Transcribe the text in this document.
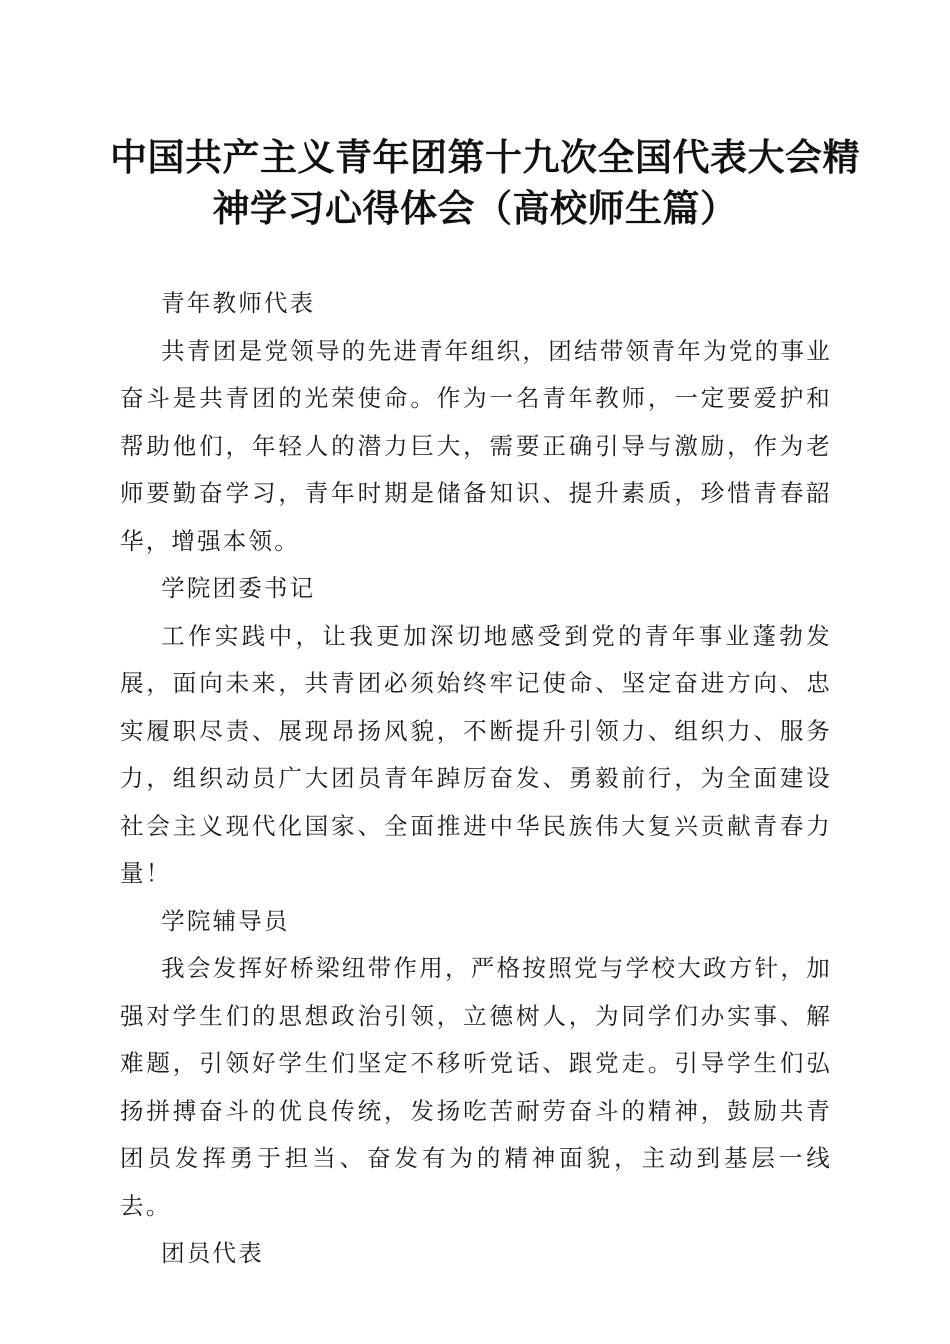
中国共产主义青年团第十九次全国代表大会精
神学习心得体会（高校师生篇）

青年教师代表

共青团是党领导的先进青年组织，团结带领青年为党的事业奋斗是共青团的光荣使命。作为一名青年教师，一定要爱护和帮助他们，年轻人的潜力巨大，需要正确引导与激励，作为老师要勤奋学习，青年时期是储备知识、提升素质，珍惜青春韶华，增强本领。

学院团委书记

工作实践中，让我更加深切地感受到党的青年事业蓬勃发展，面向未来，共青团必须始终牢记使命、坚定奋进方向、忠实履职尽责、展现昂扬风貌，不断提升引领力、组织力、服务力，组织动员广大团员青年踔厉奋发、勇毅前行，为全面建设社会主义现代化国家、全面推进中华民族伟大复兴贡献青春力量！

学院辅导员

我会发挥好桥梁纽带作用，严格按照党与学校大政方针，加强对学生们的思想政治引领，立德树人，为同学们办实事、解难题，引领好学生们坚定不移听党话、跟党走。引导学生们弘扬拼搏奋斗的优良传统，发扬吃苦耐劳奋斗的精神，鼓励共青团员发挥勇于担当、奋发有为的精神面貌，主动到基层一线去。

团员代表
